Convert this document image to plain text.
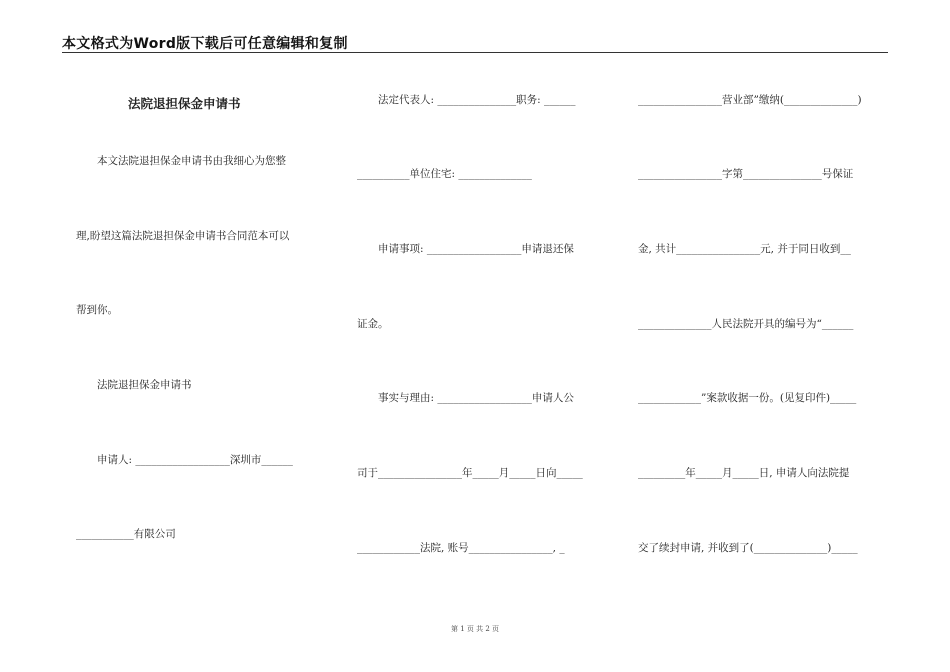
本文格式为Word版下载后可任意编辑和复制
法院退担保金申请书
　　本文法院退担保金申请书由我细心为您整
理,盼望这篇法院退担保金申请书合同范本可以
帮到你。
　　法院退担保金申请书
　　申请人: __________________深圳市______
___________有限公司
　　法定代表人: _______________职务: ______
__________单位住宅: ______________
　　申请事项: __________________申请退还保
证金。
　　事实与理由: __________________申请人公
司于________________年_____月_____日向_____
____________法院, 账号________________, _
________________营业部”缴纳(______________)
________________字第_______________号保证
金, 共计________________元, 并于同日收到__
______________人民法院开具的编号为“______
____________”案款收据一份。(见复印件)_____
_________年_____月_____日, 申请人向法院提
交了续封申请, 并收到了(______________)_____
第 1 页 共 2 页
